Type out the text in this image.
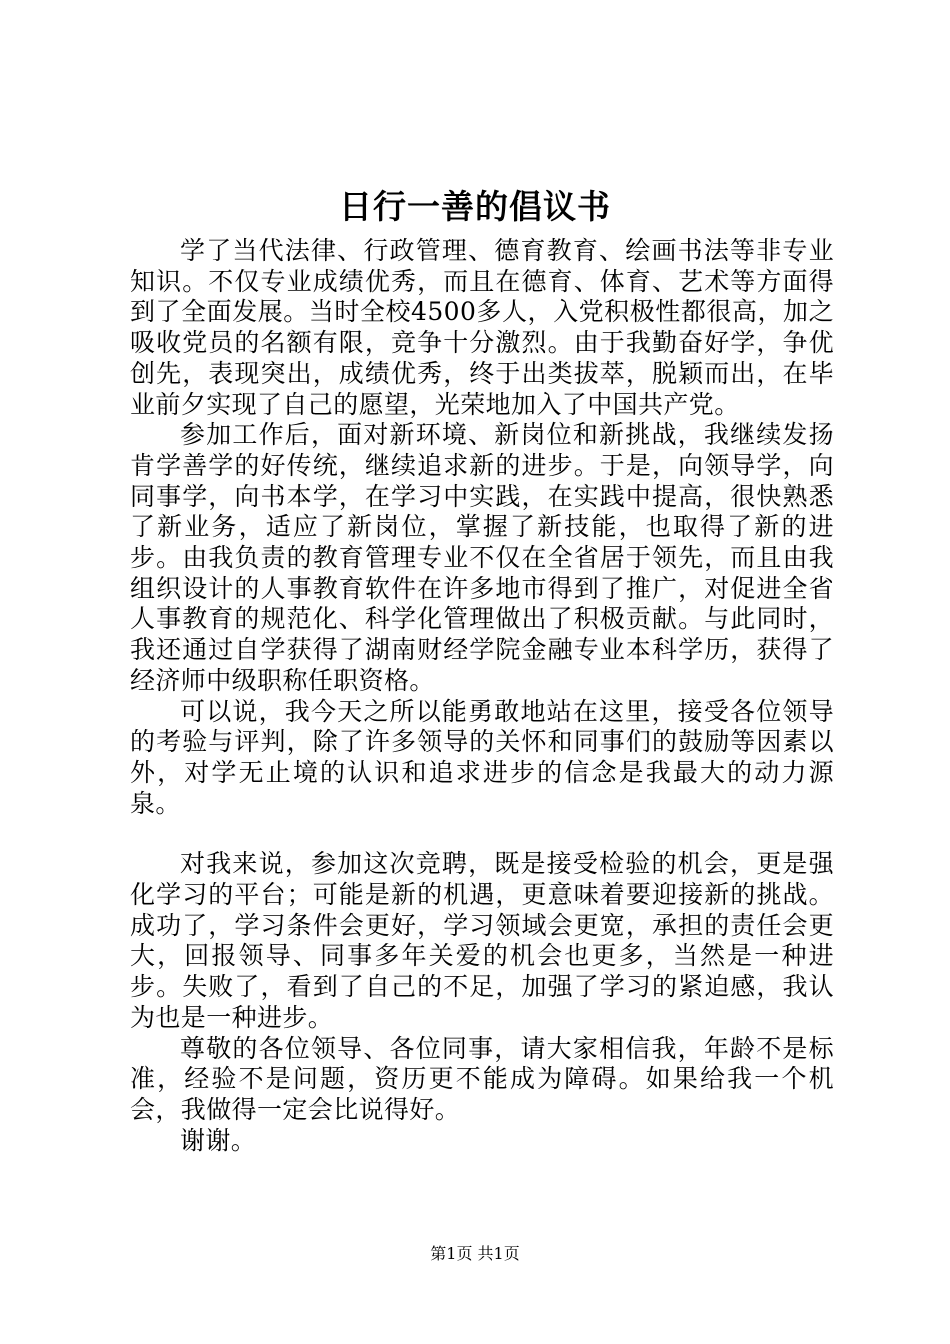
日行一善的倡议书

学了当代法律、行政管理、德育教育、绘画书法等非专业知识。不仅专业成绩优秀，而且在德育、体育、艺术等方面得到了全面发展。当时全校4500多人，入党积极性都很高，加之吸收党员的名额有限，竞争十分激烈。由于我勤奋好学，争优创先，表现突出，成绩优秀，终于出类拔萃，脱颖而出，在毕业前夕实现了自己的愿望，光荣地加入了中国共产党。

参加工作后，面对新环境、新岗位和新挑战，我继续发扬肯学善学的好传统，继续追求新的进步。于是，向领导学，向同事学，向书本学，在学习中实践，在实践中提高，很快熟悉了新业务，适应了新岗位，掌握了新技能，也取得了新的进步。由我负责的教育管理专业不仅在全省居于领先，而且由我组织设计的人事教育软件在许多地市得到了推广，对促进全省人事教育的规范化、科学化管理做出了积极贡献。与此同时，我还通过自学获得了湖南财经学院金融专业本科学历，获得了经济师中级职称任职资格。

可以说，我今天之所以能勇敢地站在这里，接受各位领导的考验与评判，除了许多领导的关怀和同事们的鼓励等因素以外，对学无止境的认识和追求进步的信念是我最大的动力源泉。

对我来说，参加这次竞聘，既是接受检验的机会，更是强化学习的平台；可能是新的机遇，更意味着要迎接新的挑战。成功了，学习条件会更好，学习领域会更宽，承担的责任会更大，回报领导、同事多年关爱的机会也更多，当然是一种进步。失败了，看到了自己的不足，加强了学习的紧迫感，我认为也是一种进步。

尊敬的各位领导、各位同事，请大家相信我，年龄不是标准，经验不是问题，资历更不能成为障碍。如果给我一个机会，我做得一定会比说得好。

谢谢。

第1页 共1页
